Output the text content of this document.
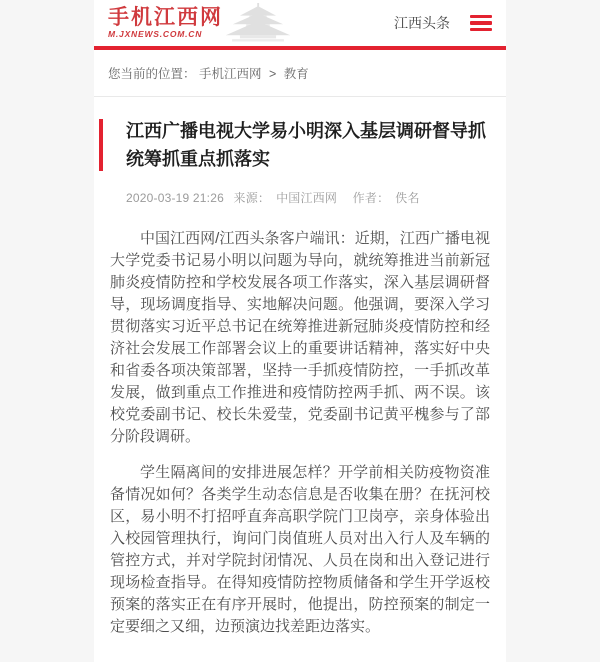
手机江西网
M.JXNEWS.COM.CN
江西头条
您当前的位置： 手机江西网 > 教育
江西广播电视大学易小明深入基层调研督导抓统筹抓重点抓落实
2020-03-19 21:26 来源： 中国江西网 作者： 佚名

中国江西网/江西头条客户端讯：近期，江西广播电视大学党委书记易小明以问题为导向，就统筹推进当前新冠肺炎疫情防控和学校发展各项工作落实，深入基层调研督导，现场调度指导、实地解决问题。他强调，要深入学习贯彻落实习近平总书记在统筹推进新冠肺炎疫情防控和经济社会发展工作部署会议上的重要讲话精神，落实好中央和省委各项决策部署，坚持一手抓疫情防控，一手抓改革发展，做到重点工作推进和疫情防控两手抓、两不误。该校党委副书记、校长朱爱莹，党委副书记黄平槐参与了部分阶段调研。

学生隔离间的安排进展怎样？开学前相关防疫物资准备情况如何？各类学生动态信息是否收集在册？在抚河校区，易小明不打招呼直奔高职学院门卫岗亭，亲身体验出入校园管理执行，询问门岗值班人员对出入行人及车辆的管控方式，并对学院封闭情况、人员在岗和出入登记进行现场检查指导。在得知疫情防控物质储备和学生开学返校预案的落实正在有序开展时，他提出，防控预案的制定一定要细之又细，边预演边找差距边落实。
